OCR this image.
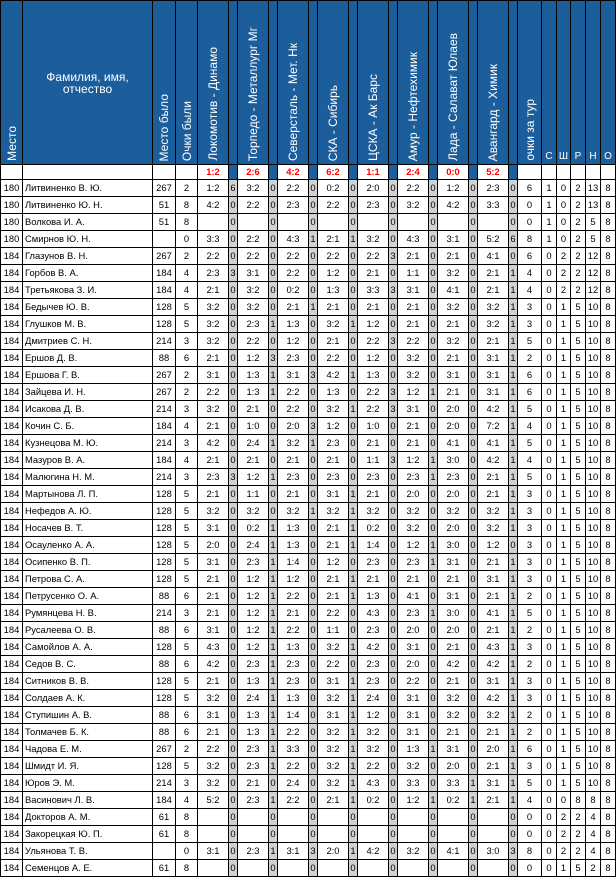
Место	Фамилия, имя, отчество	Место было	Очки были	Локомотив - Динамо		Торпедо - Металлург Мг		Северсталь - Мет. Нк		СКА - Сибирь		ЦСКА - Ак Барс		Амур - Нефтехимик		Лада - Салават Юлаев		Авангард - Химик		очки за тур	С	Ш	Р	Н	О
				1:2		2:6		4:2		6:2		1:1		2:4		0:0		5:2							
180	Литвиненко В. Ю.	267	2	1:2	6	3:2	0	2:2	0	0:2	0	2:0	0	2:2	0	1:2	0	2:3	0	6	1	0	2	13	8
180	Литвиненко Ю. Н.	51	8	4:2	0	2:2	0	2:3	0	2:2	0	2:3	0	3:2	0	4:2	0	3:3	0	0	1	0	2	13	8
180	Волкова И. А.	51	8		0		0		0		0		0		0		0		0	0	1	0	2	5	8
180	Смирнов Ю. Н.		0	3:3	0	2:2	0	4:3	1	2:1	1	3:2	0	4:3	0	3:1	0	5:2	6	8	1	0	2	5	8
184	Глазунов В. Н.	267	2	2:2	0	2:2	0	2:2	0	2:2	0	2:2	3	2:1	0	2:1	0	4:1	0	6	0	2	2	12	8
184	Горбов В. А.	184	4	2:3	3	3:1	0	2:2	0	1:2	0	2:1	0	1:1	0	3:2	0	2:1	1	4	0	2	2	12	8
184	Третьякова З. И.	184	4	2:1	0	3:2	0	0:2	0	1:3	0	3:3	3	3:1	0	4:1	0	2:1	1	4	0	2	2	12	8
184	Бедычев Ю. В.	128	5	3:2	0	3:2	0	2:1	1	2:1	0	2:1	0	2:1	0	3:2	0	3:2	1	3	0	1	5	10	8
184	Глушков М. В.	128	5	3:2	0	2:3	1	1:3	0	3:2	1	1:2	0	2:1	0	2:1	0	3:2	1	3	0	1	5	10	8
184	Дмитриев С. Н.	214	3	3:2	0	2:2	0	1:2	0	2:1	0	2:2	3	2:2	0	3:2	0	2:1	1	5	0	1	5	10	8
184	Ершов Д. В.	88	6	2:1	0	1:2	3	2:3	0	2:2	0	1:2	0	3:2	0	2:1	0	3:1	1	2	0	1	5	10	8
184	Ершова Г. В.	267	2	3:1	0	1:3	1	3:1	3	4:2	1	1:3	0	3:2	0	3:1	0	3:1	1	6	0	1	5	10	8
184	Зайцева И. Н.	267	2	2:2	0	1:3	1	2:2	0	1:3	0	2:2	3	1:2	1	2:1	0	3:1	1	6	0	1	5	10	8
184	Исакова Д. В.	214	3	3:2	0	2:1	0	2:2	0	3:2	1	2:2	3	3:1	0	2:0	0	4:2	1	5	0	1	5	10	8
184	Кочин С. Б.	184	4	2:1	0	1:0	0	2:0	3	1:2	0	1:0	0	2:1	0	2:0	0	7:2	1	4	0	1	5	10	8
184	Кузнецова М. Ю.	214	3	4:2	0	2:4	1	3:2	1	2:3	0	2:1	0	2:1	0	4:1	0	4:1	1	5	0	1	5	10	8
184	Мазуров В. А.	184	4	2:1	0	2:1	0	2:1	0	2:1	0	1:1	3	1:2	1	3:0	0	4:2	1	4	0	1	5	10	8
184	Малюгина Н. М.	214	3	2:3	3	1:2	1	2:3	0	2:3	0	2:3	0	2:3	1	2:3	0	2:1	1	5	0	1	5	10	8
184	Мартынова Л. П.	128	5	2:1	0	1:1	0	2:1	0	3:1	1	2:1	0	2:0	0	2:0	0	2:1	1	3	0	1	5	10	8
184	Нефедов А. Ю.	128	5	3:2	0	3:2	0	3:2	1	3:2	1	3:2	0	3:2	0	3:2	0	3:2	1	3	0	1	5	10	8
184	Носачев В. Т.	128	5	3:1	0	0:2	1	1:3	0	2:1	1	0:2	0	3:2	0	2:0	0	3:2	1	3	0	1	5	10	8
184	Осауленко А. А.	128	5	2:0	0	2:4	1	1:3	0	2:1	1	1:4	0	1:2	1	3:0	0	1:2	0	3	0	1	5	10	8
184	Осипенко В. П.	128	5	3:1	0	2:3	1	1:4	0	1:2	0	2:3	0	2:3	1	3:1	0	2:1	1	3	0	1	5	10	8
184	Петрова С. А.	128	5	2:1	0	1:2	1	1:2	0	2:1	1	2:1	0	2:1	0	2:1	0	3:1	1	3	0	1	5	10	8
184	Петрусенко О. А.	88	6	2:1	0	1:2	1	2:2	0	2:1	1	1:3	0	4:1	0	3:1	0	2:1	1	2	0	1	5	10	8
184	Румянцева Н. В.	214	3	2:1	0	1:2	1	2:1	0	2:2	0	4:3	0	2:3	1	3:0	0	4:1	1	5	0	1	5	10	8
184	Русалеева О. В.	88	6	3:1	0	1:2	1	2:2	0	1:1	0	2:3	0	2:0	0	2:0	0	2:1	1	2	0	1	5	10	8
184	Самойлов А. А.	128	5	4:3	0	1:2	1	1:3	0	3:2	1	4:2	0	3:1	0	2:1	0	4:3	1	3	0	1	5	10	8
184	Седов В. С.	88	6	4:2	0	2:3	1	2:3	0	2:2	0	2:3	0	2:0	0	4:2	0	4:2	1	2	0	1	5	10	8
184	Ситников В. В.	128	5	2:1	0	1:3	1	2:3	0	3:1	1	2:3	0	2:2	0	2:1	0	3:1	1	3	0	1	5	10	8
184	Солдаев А. К.	128	5	3:2	0	2:4	1	1:3	0	3:2	1	2:4	0	3:1	0	3:2	0	4:2	1	3	0	1	5	10	8
184	Ступишин А. В.	88	6	3:1	0	1:3	1	1:4	0	3:1	1	1:2	0	3:1	0	3:2	0	3:2	1	2	0	1	5	10	8
184	Толмачев Б. К.	88	6	2:1	0	1:3	1	2:2	0	3:2	1	3:2	0	3:1	0	2:1	0	2:1	1	2	0	1	5	10	8
184	Чадова Е. М.	267	2	2:2	0	2:3	1	3:3	0	3:2	1	3:2	0	1:3	1	3:1	0	2:0	1	6	0	1	5	10	8
184	Шмидт И. Я.	128	5	3:2	0	2:3	1	2:2	0	3:2	1	2:2	0	3:2	0	2:0	0	2:1	1	3	0	1	5	10	8
184	Юров Э. М.	214	3	3:2	0	2:1	0	2:4	0	3:2	1	4:3	0	3:3	0	3:3	1	3:1	1	5	0	1	5	10	8
184	Васинович Л. В.	184	4	5:2	0	2:3	1	2:2	0	2:1	1	0:2	0	1:2	1	0:2	1	2:1	1	4	0	0	8	8	8
184	Докторов А. М.	61	8		0		0		0		0		0		0		0		0	0	0	2	2	4	8
184	Закорецкая Ю. П.	61	8		0		0		0		0		0		0		0		0	0	0	2	2	4	8
184	Ульянова Т. В.		0	3:1	0	2:3	1	3:1	3	2:0	1	4:2	0	3:2	0	4:1	0	3:0	3	8	0	2	2	4	8
184	Семенцов А. Е.	61	8		0		0		0		0		0		0		0		0	0	0	1	5	2	8
